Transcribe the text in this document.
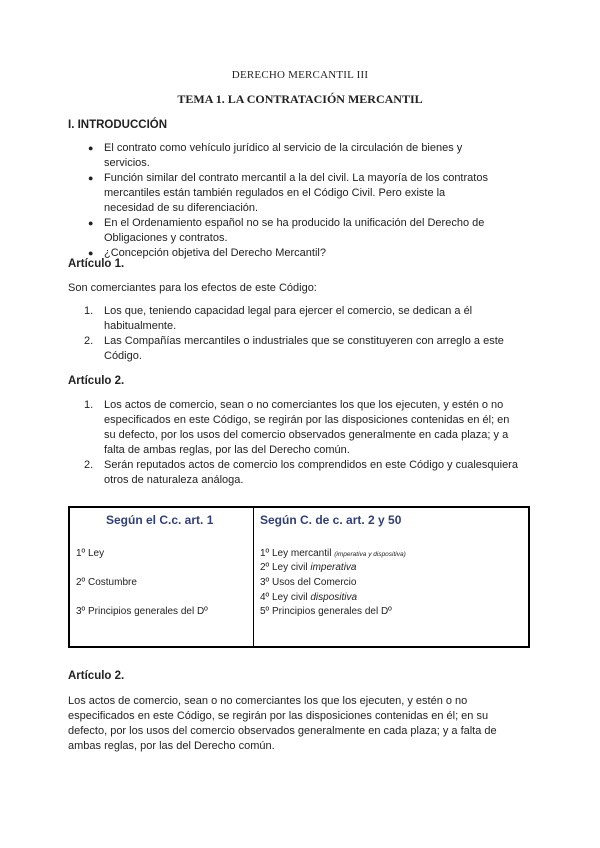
DERECHO MERCANTIL III
TEMA 1. LA CONTRATACIÓN MERCANTIL
I. INTRODUCCIÓN
● El contrato como vehículo jurídico al servicio de la circulación de bienes y servicios.
● Función similar del contrato mercantil a la del civil. La mayoría de los contratos mercantiles están también regulados en el Código Civil. Pero existe la necesidad de su diferenciación.
● En el Ordenamiento español no se ha producido la unificación del Derecho de Obligaciones y contratos.
● ¿Concepción objetiva del Derecho Mercantil?
Artículo 1.
Son comerciantes para los efectos de este Código:
1. Los que, teniendo capacidad legal para ejercer el comercio, se dedican a él habitualmente.
2. Las Compañías mercantiles o industriales que se constituyeren con arreglo a este Código.
Artículo 2.
1. Los actos de comercio, sean o no comerciantes los que los ejecuten, y estén o no especificados en este Código, se regirán por las disposiciones contenidas en él; en su defecto, por los usos del comercio observados generalmente en cada plaza; y a falta de ambas reglas, por las del Derecho común.
2. Serán reputados actos de comercio los comprendidos en este Código y cualesquiera otros de naturaleza análoga.
Según el C.c. art. 1	Según C. de c. art. 2 y 50
1º Ley
2º Costumbre
3º Principios generales del Dº
1º Ley mercantil (imperativa y dispositiva)
2º Ley civil imperativa
3º Usos del Comercio
4º Ley civil dispositiva
5º Principios generales del Dº
Artículo 2.
Los actos de comercio, sean o no comerciantes los que los ejecuten, y estén o no especificados en este Código, se regirán por las disposiciones contenidas en él; en su defecto, por los usos del comercio observados generalmente en cada plaza; y a falta de ambas reglas, por las del Derecho común.
